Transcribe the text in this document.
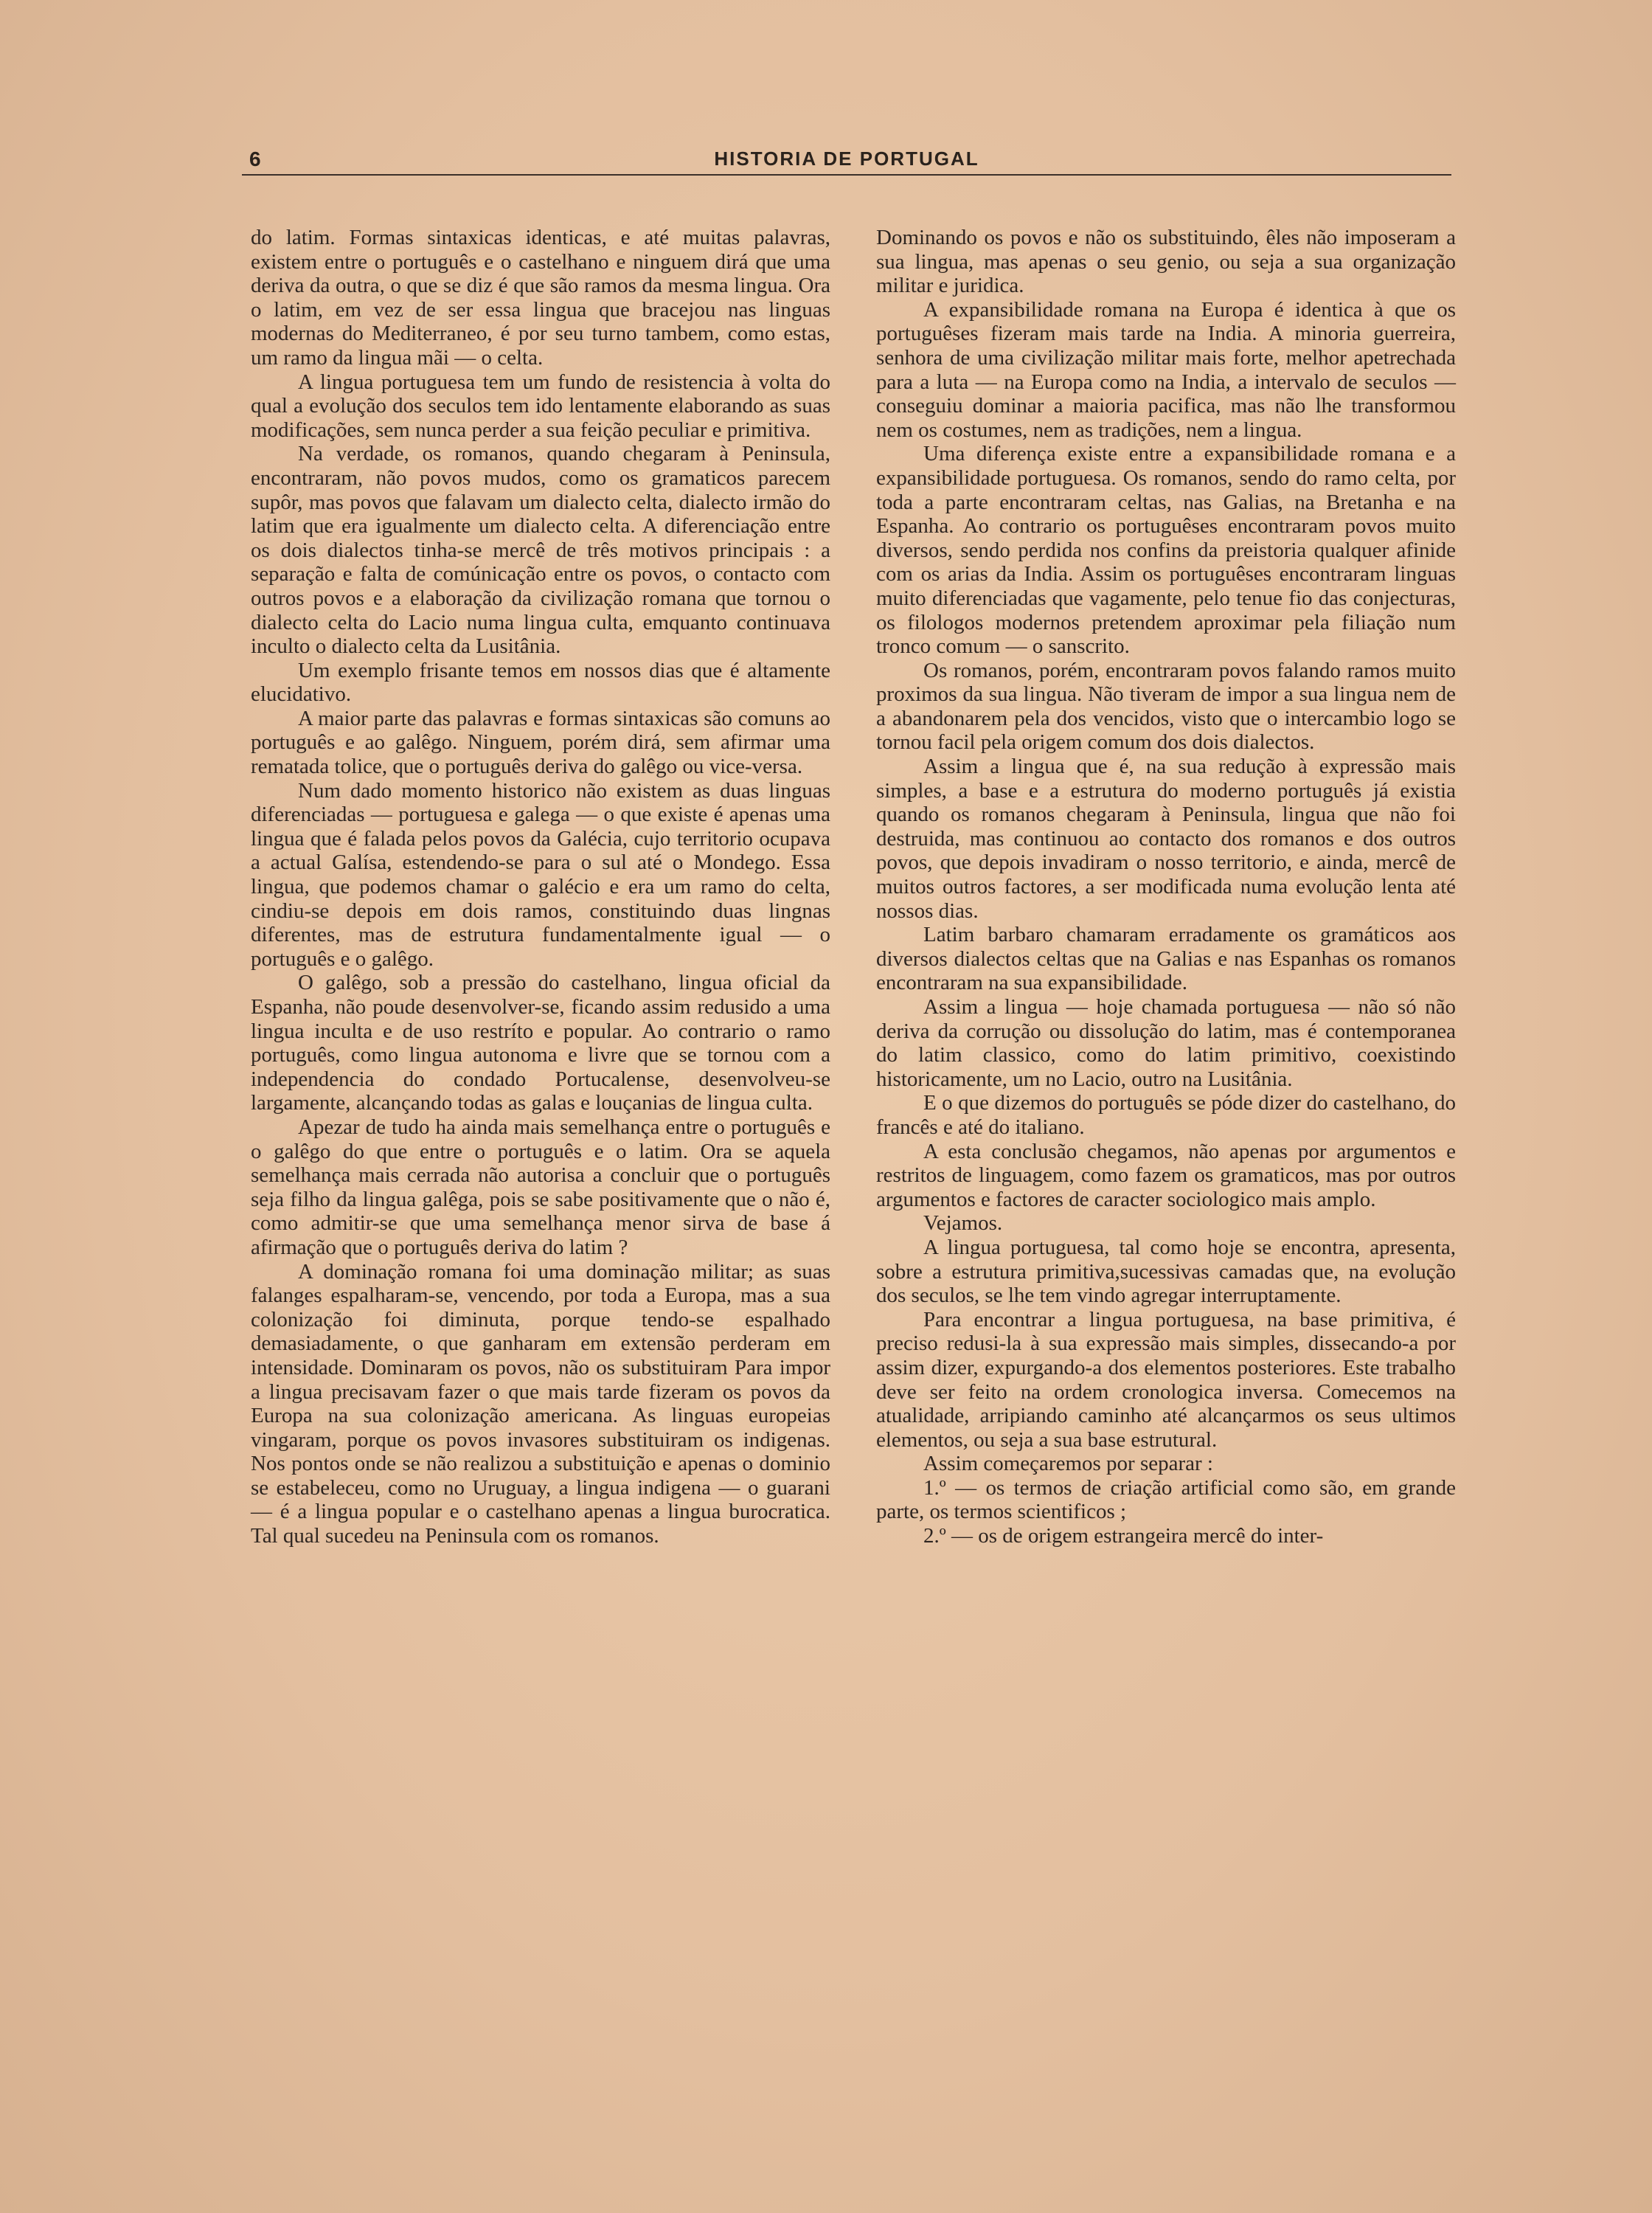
6	HISTORIA DE PORTUGAL

do latim. Formas sintaxicas identicas, e até muitas palavras, existem entre o português e o castelhano e ninguem dirá que uma deriva da outra, o que se diz é que são ramos da mesma lingua. Ora o latim, em vez de ser essa lingua que bracejou nas linguas modernas do Mediterraneo, é por seu turno tambem, como estas, um ramo da lingua mãi — o celta.

A lingua portuguesa tem um fundo de resistencia à volta do qual a evolução dos seculos tem ido lentamente elaborando as suas modificações, sem nunca perder a sua feição peculiar e primitiva.

Na verdade, os romanos, quando chegaram à Peninsula, encontraram, não povos mudos, como os gramaticos parecem supôr, mas povos que falavam um dialecto celta, dialecto irmão do latim que era igualmente um dialecto celta. A diferenciação entre os dois dialectos tinha-se mercê de três motivos principais : a separação e falta de comúnicação entre os povos, o contacto com outros povos e a elaboração da civilização romana que tornou o dialecto celta do Lacio numa lingua culta, emquanto continuava inculto o dialecto celta da Lusitânia.

Um exemplo frisante temos em nossos dias que é altamente elucidativo.

A maior parte das palavras e formas sintaxicas são comuns ao português e ao galêgo. Ninguem, porém dirá, sem afirmar uma rematada tolice, que o português deriva do galêgo ou vice-versa.

Num dado momento historico não existem as duas linguas diferenciadas — portuguesa e galega — o que existe é apenas uma lingua que é falada pelos povos da Galécia, cujo territorio ocupava a actual Galísa, estendendo-se para o sul até o Mondego. Essa lingua, que podemos chamar o galécio e era um ramo do celta, cindiu-se depois em dois ramos, constituindo duas lingnas diferentes, mas de estrutura fundamentalmente igual — o português e o galêgo.

O galêgo, sob a pressão do castelhano, lingua oficial da Espanha, não poude desenvolver-se, ficando assim redusido a uma lingua inculta e de uso restríto e popular. Ao contrario o ramo português, como lingua autonoma e livre que se tornou com a independencia do condado Portucalense, desenvolveu-se largamente, alcançando todas as galas e louçanias de lingua culta.

Apezar de tudo ha ainda mais semelhança entre o português e o galêgo do que entre o português e o latim. Ora se aquela semelhança mais cerrada não autorisa a concluir que o português seja filho da lingua galêga, pois se sabe positivamente que o não é, como admitir-se que uma semelhança menor sirva de base á afirmação que o português deriva do latim ?

A dominação romana foi uma dominação militar; as suas falanges espalharam-se, vencendo, por toda a Europa, mas a sua colonização foi diminuta, porque tendo-se espalhado demasiadamente, o que ganharam em extensão perderam em intensidade. Dominaram os povos, não os substituiram Para impor a lingua precisavam fazer o que mais tarde fizeram os povos da Europa na sua colonização americana. As linguas europeias vingaram, porque os povos invasores substituiram os indigenas. Nos pontos onde se não realizou a substituição e apenas o dominio se estabeleceu, como no Uruguay, a lingua indigena — o guarani — é a lingua popular e o castelhano apenas a lingua burocratica. Tal qual sucedeu na Peninsula com os romanos.

Dominando os povos e não os substituindo, êles não imposeram a sua lingua, mas apenas o seu genio, ou seja a sua organização militar e juridica.

A expansibilidade romana na Europa é identica à que os portuguêses fizeram mais tarde na India. A minoria guerreira, senhora de uma civilização militar mais forte, melhor apetrechada para a luta — na Europa como na India, a intervalo de seculos — conseguiu dominar a maioria pacifica, mas não lhe transformou nem os costumes, nem as tradições, nem a lingua.

Uma diferença existe entre a expansibilidade romana e a expansibilidade portuguesa. Os romanos, sendo do ramo celta, por toda a parte encontraram celtas, nas Galias, na Bretanha e na Espanha. Ao contrario os portuguêses encontraram povos muito diversos, sendo perdida nos confins da preistoria qualquer afinide com os arias da India. Assim os portuguêses encontraram linguas muito diferenciadas que vagamente, pelo tenue fio das conjecturas, os filologos modernos pretendem aproximar pela filiação num tronco comum — o sanscrito.

Os romanos, porém, encontraram povos falando ramos muito proximos da sua lingua. Não tiveram de impor a sua lingua nem de a abandonarem pela dos vencidos, visto que o intercambio logo se tornou facil pela origem comum dos dois dialectos.

Assim a lingua que é, na sua redução à expressão mais simples, a base e a estrutura do moderno português já existia quando os romanos chegaram à Peninsula, lingua que não foi destruida, mas continuou ao contacto dos romanos e dos outros povos, que depois invadiram o nosso territorio, e ainda, mercê de muitos outros factores, a ser modificada numa evolução lenta até nossos dias.

Latim barbaro chamaram erradamente os gramáticos aos diversos dialectos celtas que na Galias e nas Espanhas os romanos encontraram na sua expansibilidade.

Assim a lingua — hoje chamada portuguesa — não só não deriva da corrução ou dissolução do latim, mas é contemporanea do latim classico, como do latim primitivo, coexistindo historicamente, um no Lacio, outro na Lusitânia.

E o que dizemos do português se póde dizer do castelhano, do francês e até do italiano.

A esta conclusão chegamos, não apenas por argumentos e restritos de linguagem, como fazem os gramaticos, mas por outros argumentos e factores de caracter sociologico mais amplo.

Vejamos.

A lingua portuguesa, tal como hoje se encontra, apresenta, sobre a estrutura primitiva,sucessivas camadas que, na evolução dos seculos, se lhe tem vindo agregar interruptamente.

Para encontrar a lingua portuguesa, na base primitiva, é preciso redusi-la à sua expressão mais simples, dissecando-a por assim dizer, expurgando-a dos elementos posteriores. Este trabalho deve ser feito na ordem cronologica inversa. Comecemos na atualidade, arripiando caminho até alcançarmos os seus ultimos elementos, ou seja a sua base estrutural.

Assim começaremos por separar :

1.º — os termos de criação artificial como são, em grande parte, os termos scientificos ;

2.º — os de origem estrangeira mercê do inter-
